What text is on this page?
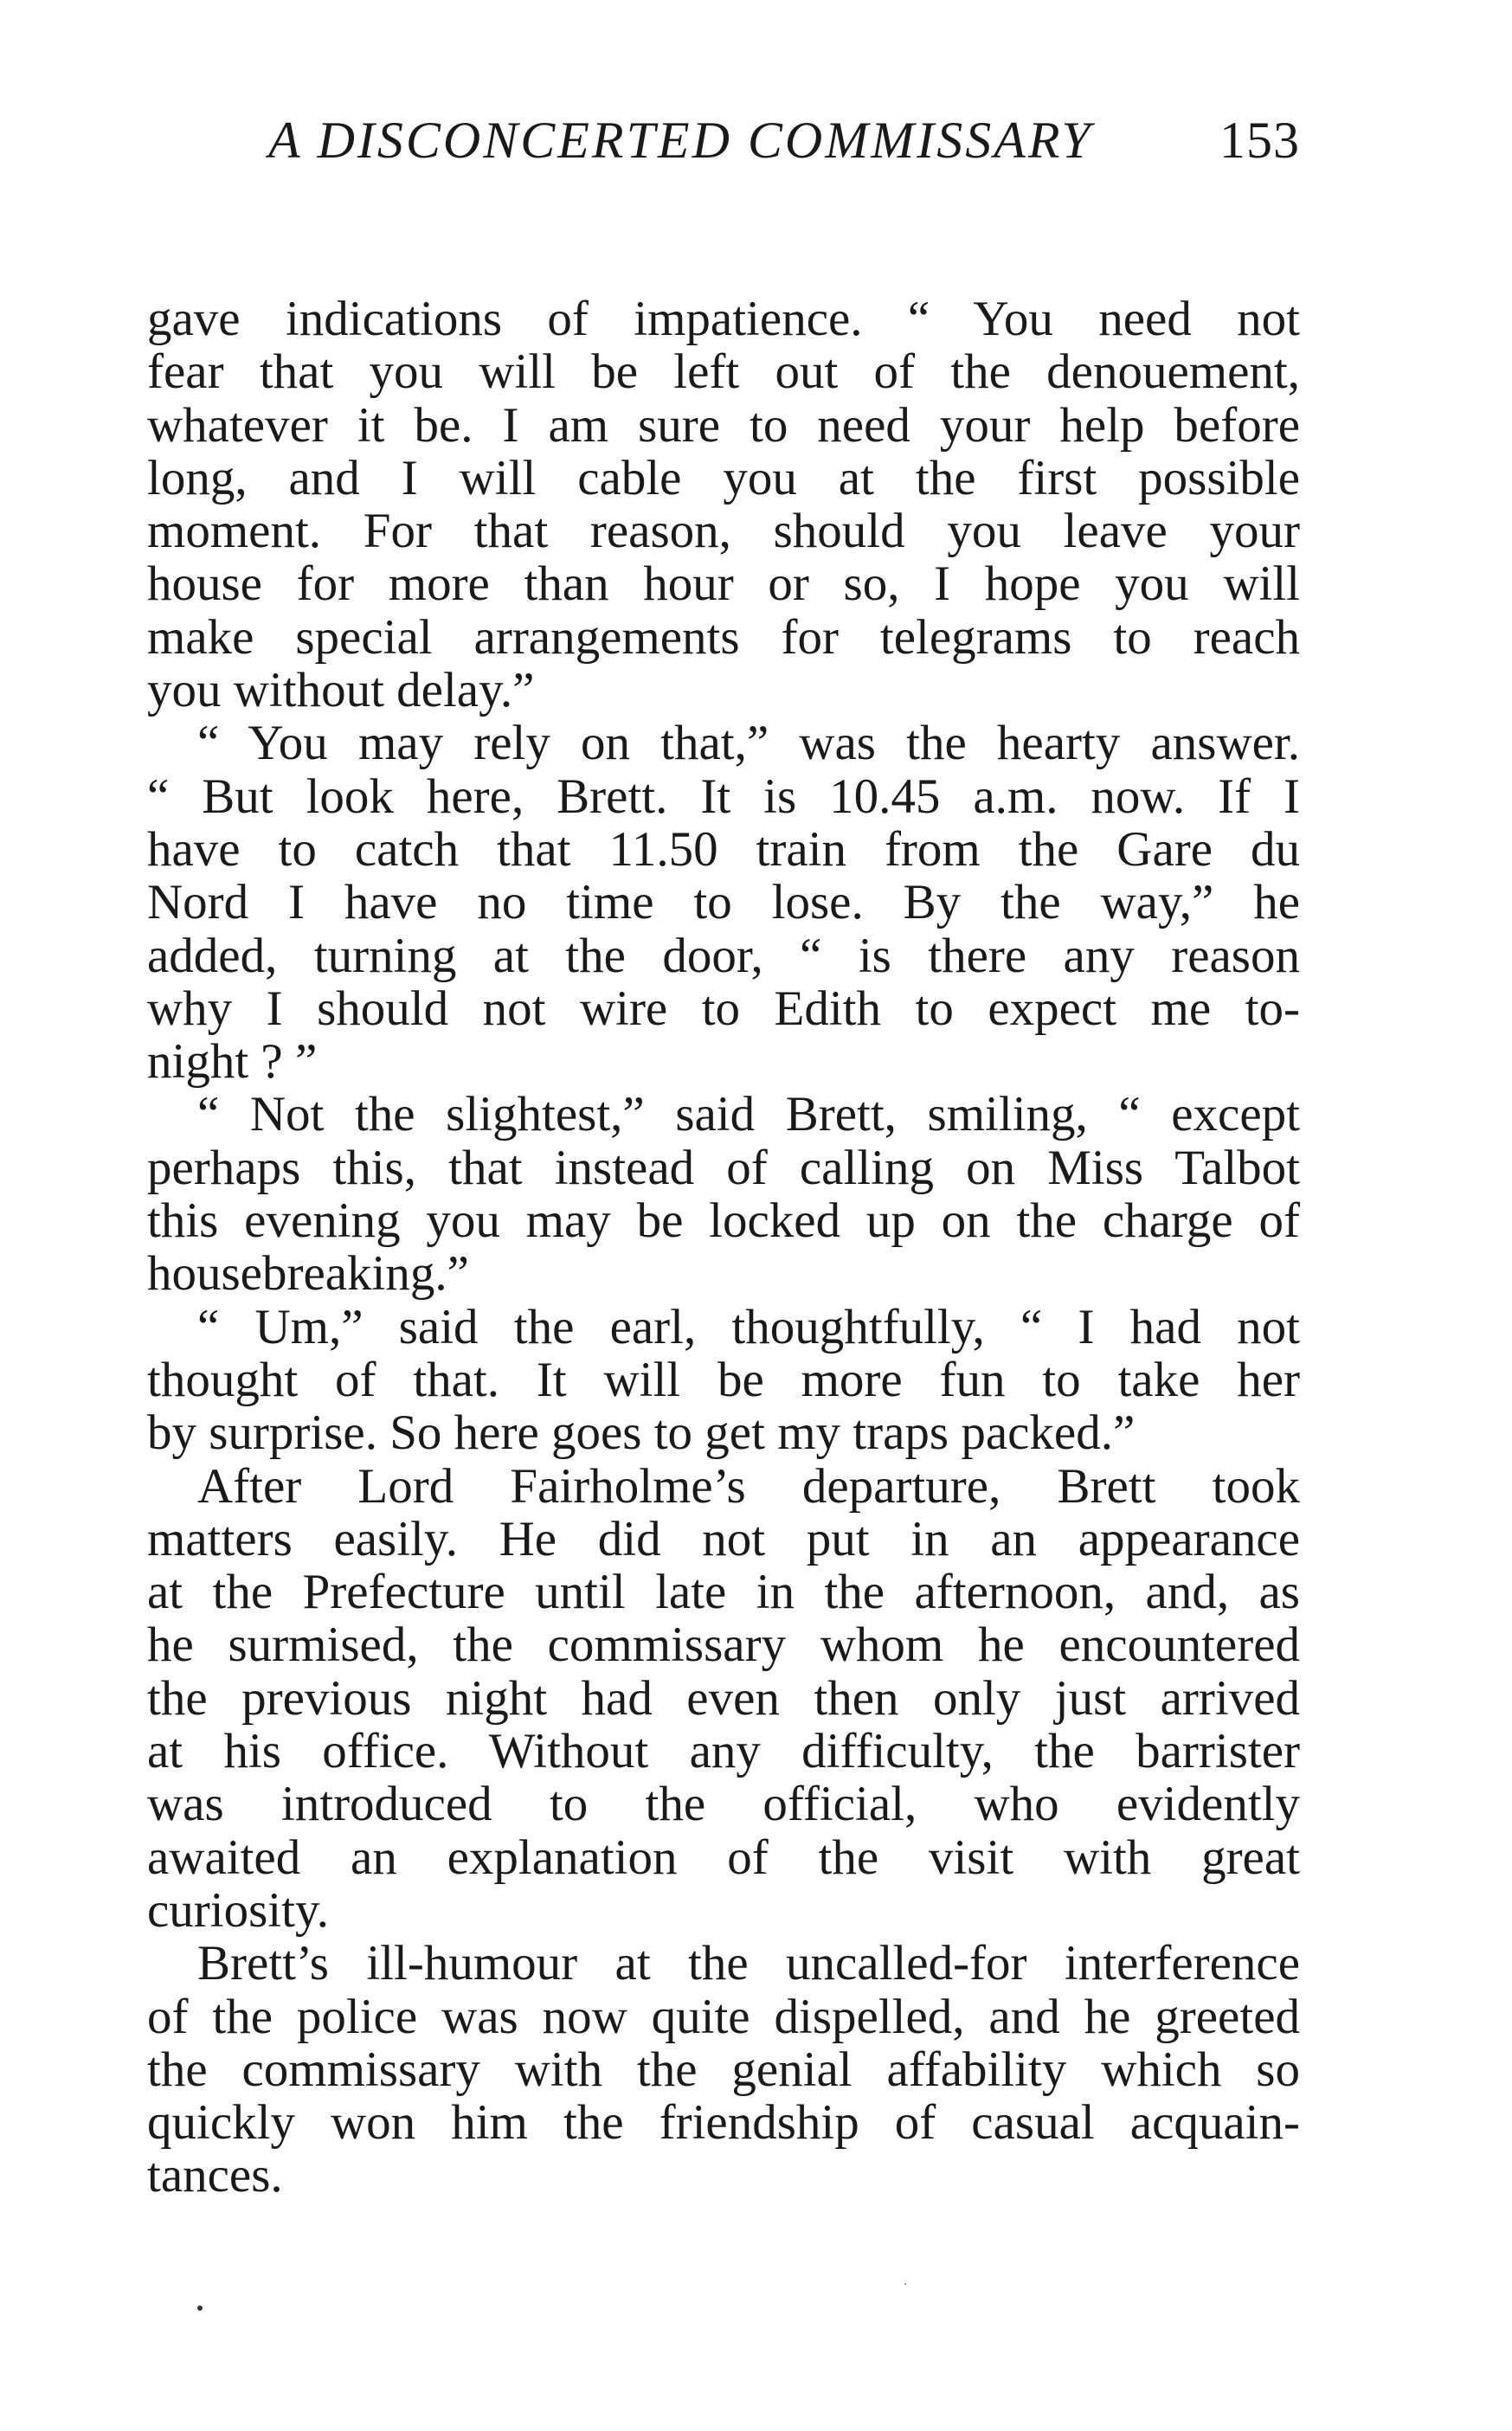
A DISCONCERTED COMMISSARY 153
gave indications of impatience. “ You need not
fear that you will be left out of the denouement,
whatever it be. I am sure to need your help before
long, and I will cable you at the first possible
moment. For that reason, should you leave your
house for more than hour or so, I hope you will
make special arrangements for telegrams to reach
you without delay.”
“ You may rely on that,” was the hearty answer.
“ But look here, Brett. It is 10.45 a.m. now. If I
have to catch that 11.50 train from the Gare du
Nord I have no time to lose. By the way,” he
added, turning at the door, “ is there any reason
why I should not wire to Edith to expect me to-
night ? ”
“ Not the slightest,” said Brett, smiling, “ except
perhaps this, that instead of calling on Miss Talbot
this evening you may be locked up on the charge of
housebreaking.”
“ Um,” said the earl, thoughtfully, “ I had not
thought of that. It will be more fun to take her
by surprise. So here goes to get my traps packed.”
After Lord Fairholme’s departure, Brett took
matters easily. He did not put in an appearance
at the Prefecture until late in the afternoon, and, as
he surmised, the commissary whom he encountered
the previous night had even then only just arrived
at his office. Without any difficulty, the barrister
was introduced to the official, who evidently
awaited an explanation of the visit with great
curiosity.
Brett’s ill-humour at the uncalled-for interference
of the police was now quite dispelled, and he greeted
the commissary with the genial affability which so
quickly won him the friendship of casual acquain-
tances.
